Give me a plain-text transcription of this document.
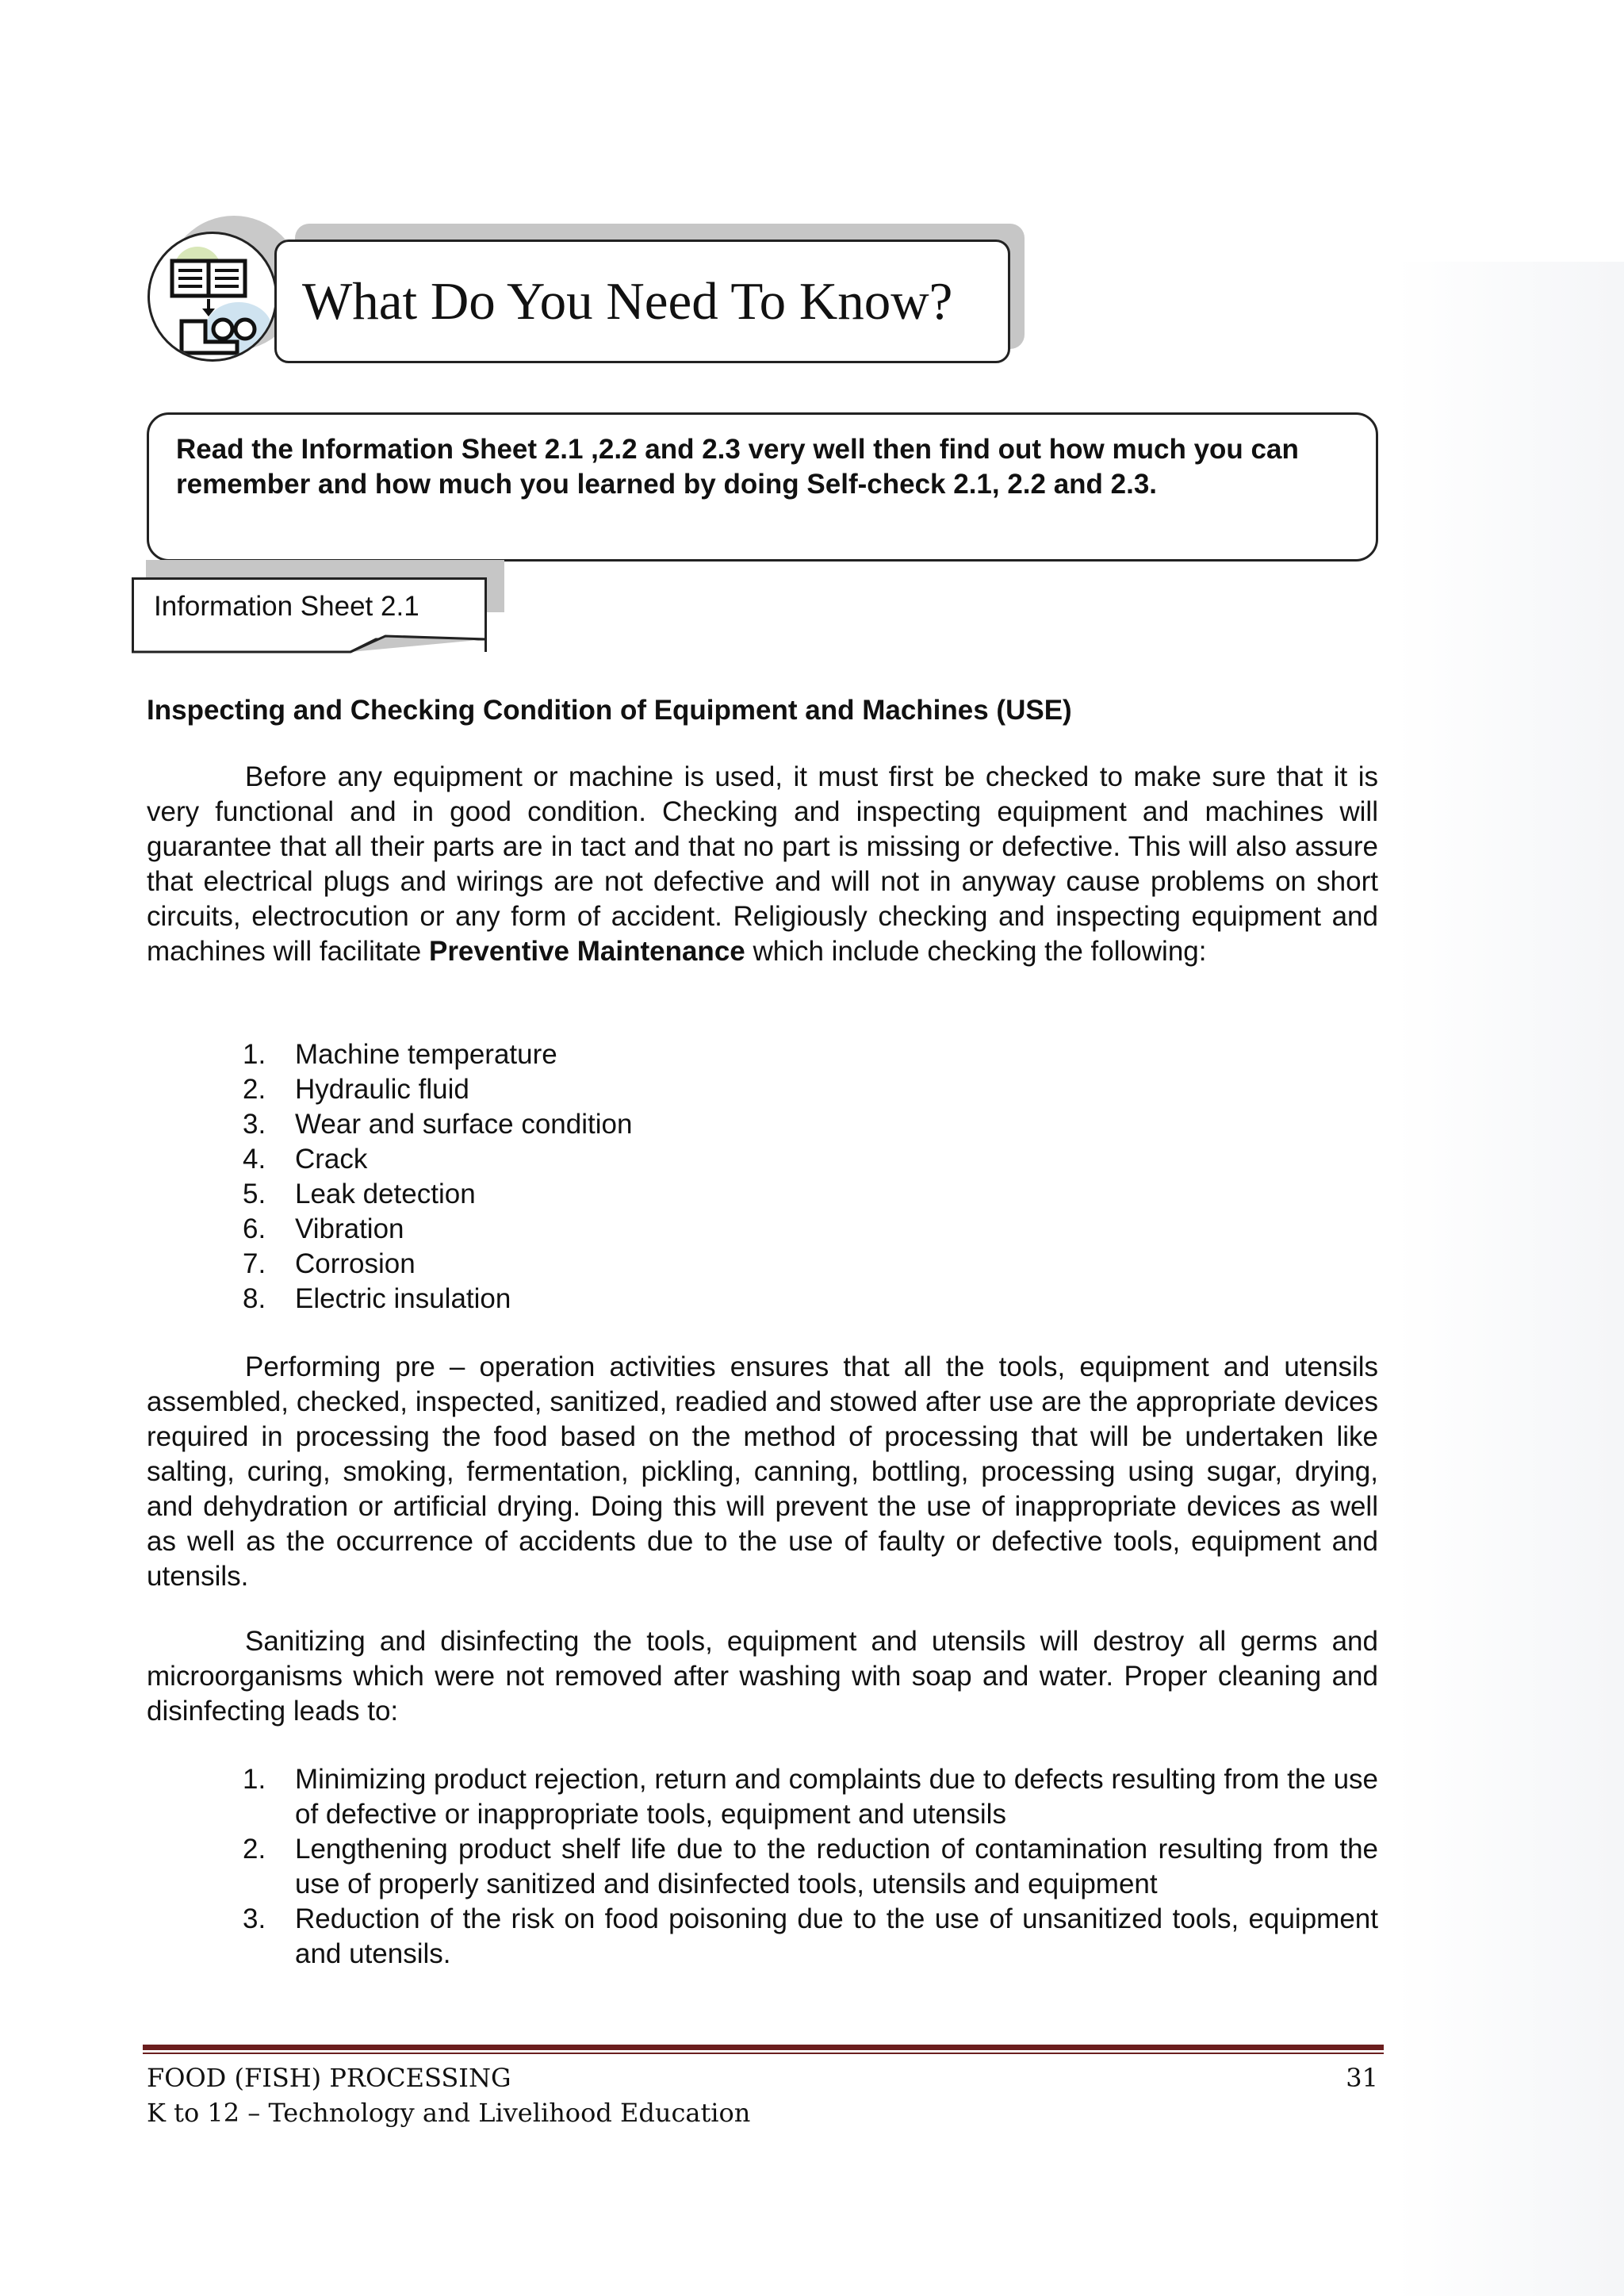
What Do You Need To Know?

Read the Information Sheet 2.1 ,2.2 and 2.3 very well then find out how much you can remember and how much you learned by doing Self-check 2.1, 2.2 and 2.3.

Information Sheet 2.1
Inspecting and Checking Condition of Equipment and Machines (USE)

Before any equipment or machine is used, it must first be checked to make sure that it is very functional and in good condition. Checking and inspecting equipment and machines will guarantee that all their parts are in tact and that no part is missing or defective. This will also assure that electrical plugs and wirings are not defective and will not in anyway cause problems on short circuits, electrocution or any form of accident. Religiously checking and inspecting equipment and machines will facilitate Preventive Maintenance which include checking the following:

1. Machine temperature
2. Hydraulic fluid
3. Wear and surface condition
4. Crack
5. Leak detection
6. Vibration
7. Corrosion
8. Electric insulation

Performing pre – operation activities ensures that all the tools, equipment and utensils assembled, checked, inspected, sanitized, readied and stowed after use are the appropriate devices required in processing the food based on the method of processing that will be undertaken like salting, curing, smoking, fermentation, pickling, canning, bottling, processing using sugar, drying, and dehydration or artificial drying. Doing this will prevent the use of inappropriate devices as well as well as the occurrence of accidents due to the use of faulty or defective tools, equipment and utensils.

Sanitizing and disinfecting the tools, equipment and utensils will destroy all germs and microorganisms which were not removed after washing with soap and water. Proper cleaning and disinfecting leads to:

1. Minimizing product rejection, return and complaints due to defects resulting from the use of defective or inappropriate tools, equipment and utensils
2. Lengthening product shelf life due to the reduction of contamination resulting from the use of properly sanitized and disinfected tools, utensils and equipment
3. Reduction of the risk on food poisoning due to the use of unsanitized tools, equipment and utensils.
FOOD (FISH) PROCESSING
K to 12 – Technology and Livelihood Education
31
